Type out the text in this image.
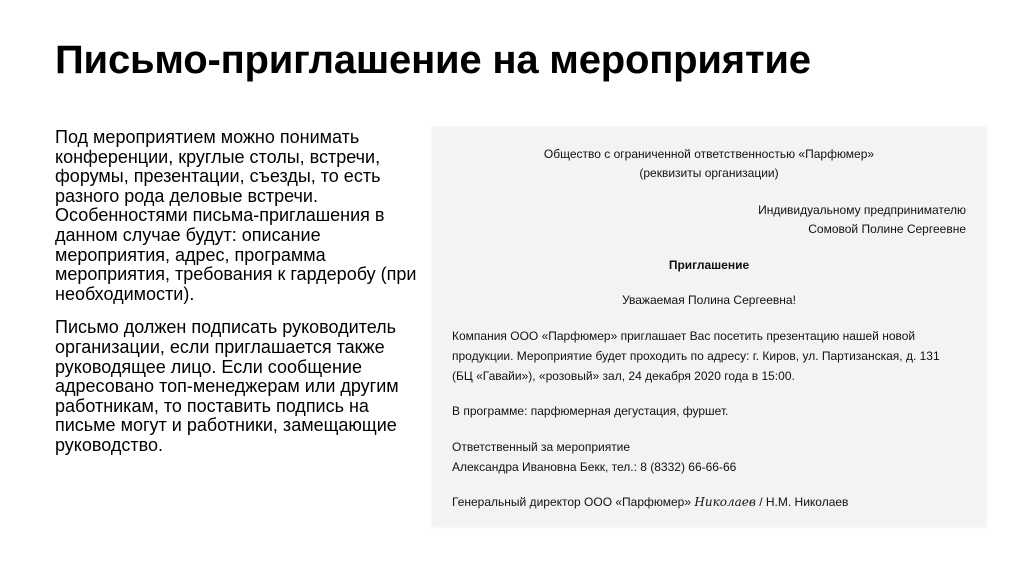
Письмо-приглашение на мероприятие

Под мероприятием можно понимать конференции, круглые столы, встречи, форумы, презентации, съезды, то есть разного рода деловые встречи. Особенностями письма-приглашения в данном случае будут: описание мероприятия, адрес, программа мероприятия, требования к гардеробу (при необходимости).

Письмо должен подписать руководитель организации, если приглашается также руководящее лицо. Если сообщение адресовано топ-менеджерам или другим работникам, то поставить подпись на письме могут и работники, замещающие руководство.

Общество с ограниченной ответственностью «Парфюмер»
(реквизиты организации)
Индивидуальному предпринимателю
Сомовой Полине Сергеевне
Приглашение
Уважаемая Полина Сергеевна!
Компания ООО «Парфюмер» приглашает Вас посетить презентацию нашей новой
продукции. Мероприятие будет проходить по адресу: г. Киров, ул. Партизанская, д. 131
(БЦ «Гавайи»), «розовый» зал, 24 декабря 2020 года в 15:00.
В программе: парфюмерная дегустация, фуршет.
Ответственный за мероприятие
Александра Ивановна Бекк, тел.: 8 (8332) 66-66-66
Генеральный директор ООО «Парфюмер» Николаев / Н.М. Николаев
